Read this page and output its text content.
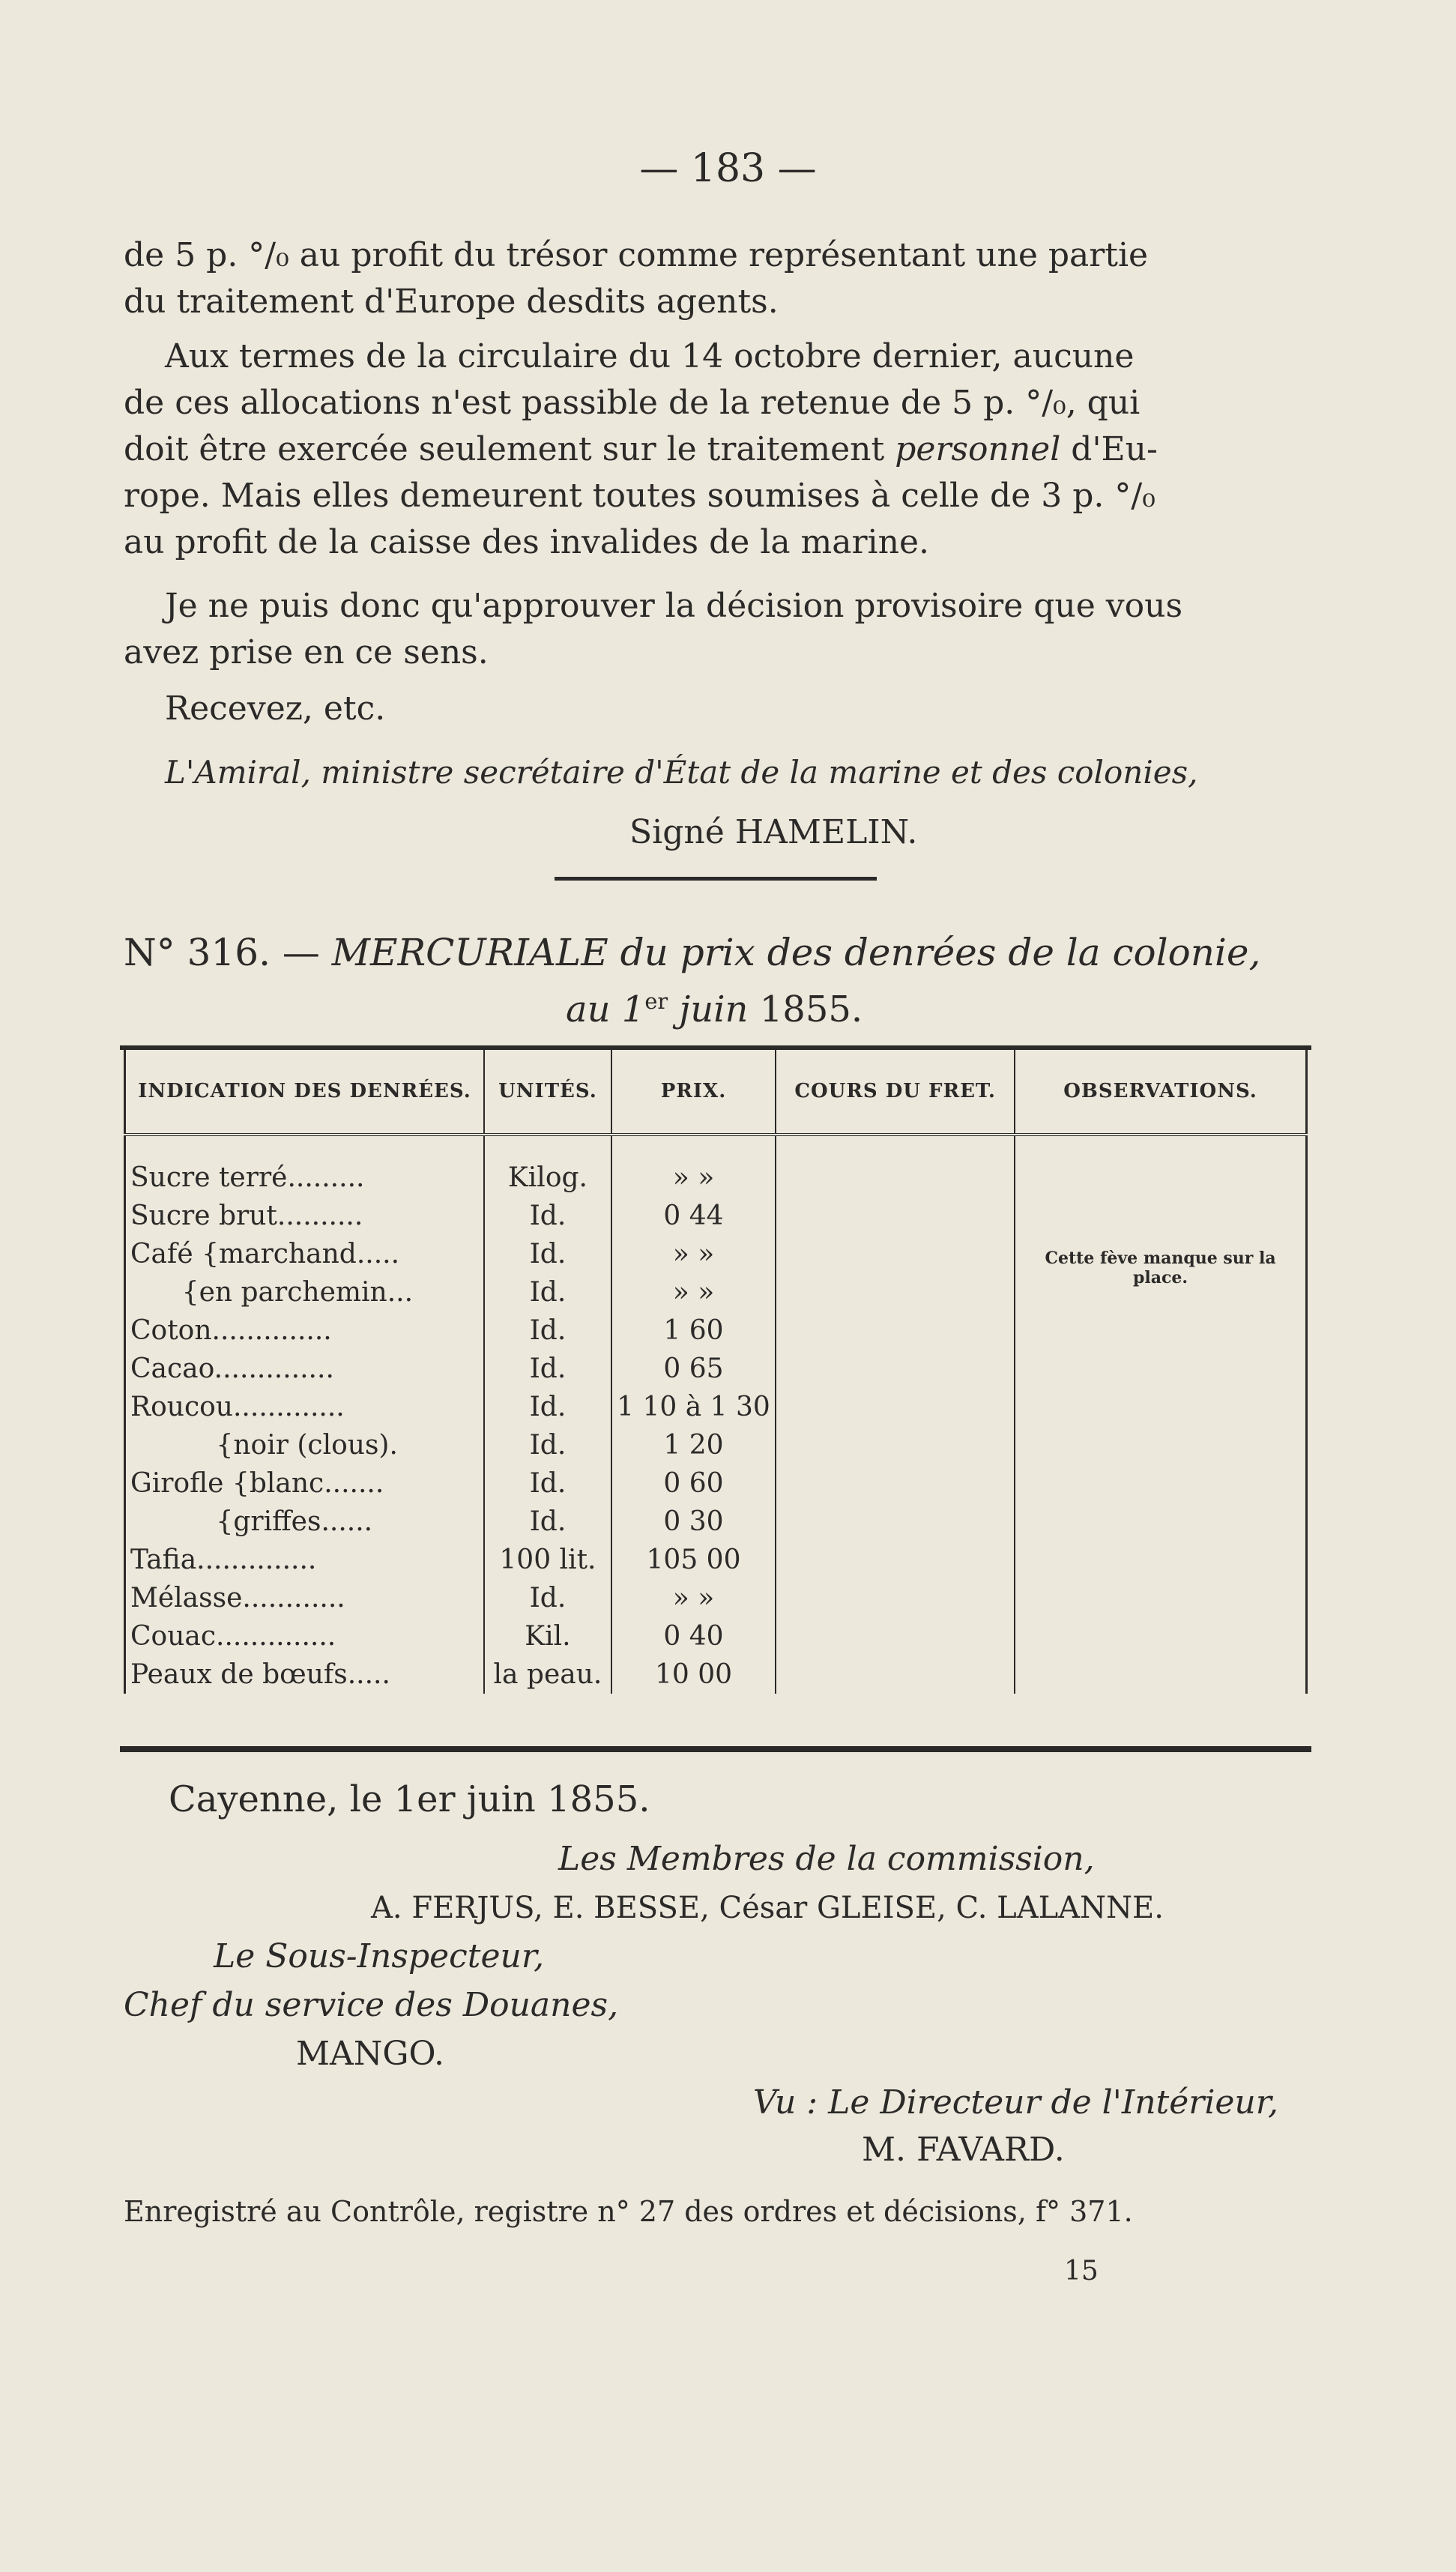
— 183 —
de 5 p. °/₀ au profit du trésor comme représentant une partie
du traitement d'Europe desdits agents.
Aux termes de la circulaire du 14 octobre dernier, aucune
de ces allocations n'est passible de la retenue de 5 p. °/₀, qui
doit être exercée seulement sur le traitement personnel d'Eu-
rope. Mais elles demeurent toutes soumises à celle de 3 p. °/₀
au profit de la caisse des invalides de la marine.
Je ne puis donc qu'approuver la décision provisoire que vous
avez prise en ce sens.
Recevez, etc.
L'Amiral, ministre secrétaire d'État de la marine et des colonies,
Signé HAMELIN.
N° 316. — MERCURIALE du prix des denrées de la colonie,
au 1er juin 1855.
INDICATION DES DENRÉES.	UNITÉS.	PRIX.	COURS DU FRET.	OBSERVATIONS.
Sucre terré.........	Kilog.	» »		Cette fève manque sur la place.
Sucre brut..........	Id.	0 44		
Café {marchand.....	Id.	» »		
{en parchemin...	Id.	» »		
Coton..............	Id.	1 60		
Cacao..............	Id.	0 65		
Roucou.............	Id.	1 10 à 1 30		
{noir (clous).	Id.	1 20		
Girofle {blanc.......	Id.	0 60		
{griffes......	Id.	0 30		
Tafia..............	100 lit.	105 00		
Mélasse............	Id.	» »		
Couac..............	Kil.	0 40		
Peaux de bœufs.....	la peau.	10 00		
Cayenne, le 1er juin 1855.
Les Membres de la commission,
A. FERJUS, E. BESSE, César GLEISE, C. LALANNE.
Le Sous-Inspecteur,
Chef du service des Douanes,
MANGO.
Vu : Le Directeur de l'Intérieur,
M. FAVARD.
Enregistré au Contrôle, registre n° 27 des ordres et décisions, f° 371.
15
